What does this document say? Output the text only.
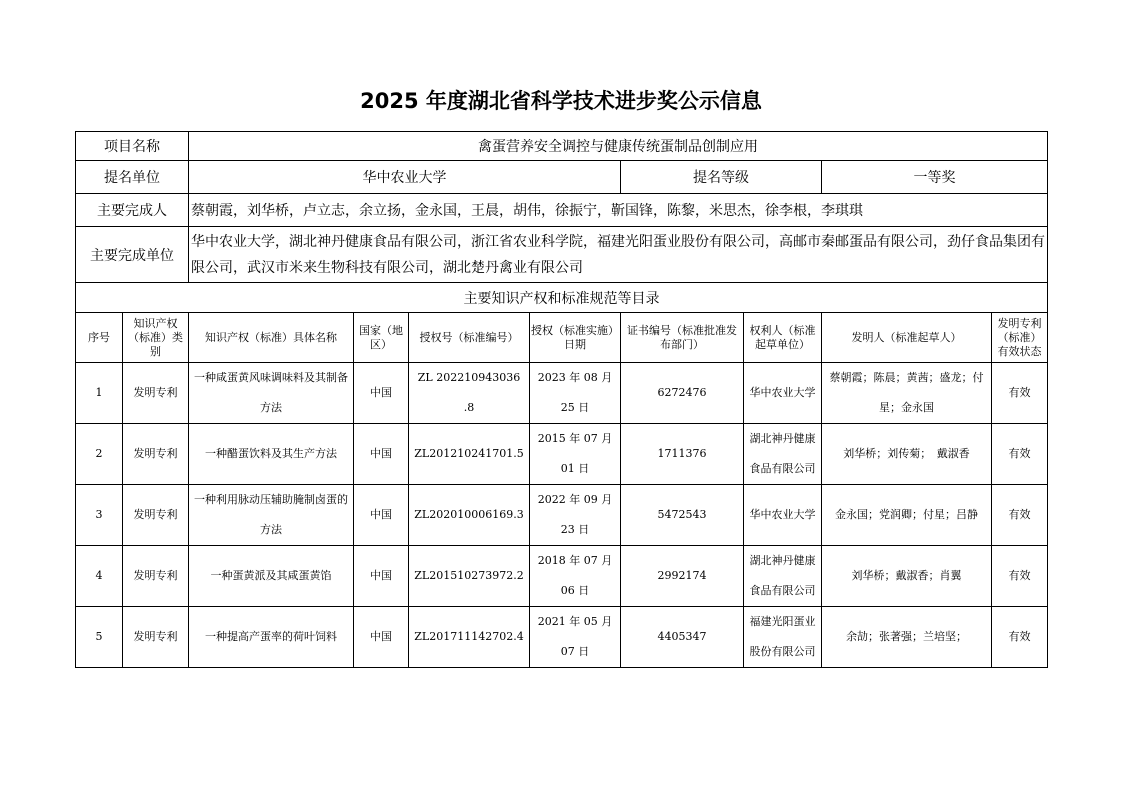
2025 年度湖北省科学技术进步奖公示信息
项目名称		禽蛋营养安全调控与健康传统蛋制品创制应用							
提名单位		华中农业大学				提名等级		一等奖	
主要完成人		蔡朝霞，刘华桥，卢立志，余立扬，金永国，王晨，胡伟，徐振宁，靳国锋，陈黎，米思杰，徐李根，李琪琪							
主要完成单位		华中农业大学，湖北神丹健康食品有限公司，浙江省农业科学院，福建光阳蛋业股份有限公司，高邮市秦邮蛋品有限公司，劲仔食品集团有限公司，武汉市米来生物科技有限公司，湖北楚丹禽业有限公司							
主要知识产权和标准规范等目录									
序号	知识产权（标准）类别	知识产权（标准）具体名称	国家（地区）	授权号（标准编号）	授权（标准实施）日期	证书编号（标准批准发布部门）	权利人（标准起草单位）	发明人（标准起草人）	发明专利（标准）有效状态
1	发明专利	一种咸蛋黄风味调味料及其制备方法	中国	ZL 202210943036 .8	2023 年 08 月 25 日	6272476	华中农业大学	蔡朝霞；陈晨；黄茜；盛龙；付星；金永国	有效
2	发明专利	一种醋蛋饮料及其生产方法	中国	ZL201210241701.5	2015 年 07 月 01 日	1711376	湖北神丹健康食品有限公司	刘华桥；刘传菊；　戴淑香	有效
3	发明专利	一种利用脉动压辅助腌制卤蛋的方法	中国	ZL202010006169.3	2022 年 09 月 23 日	5472543	华中农业大学	金永国；党润卿；付星；吕静	有效
4	发明专利	一种蛋黄派及其咸蛋黄馅	中国	ZL201510273972.2	2018 年 07 月 06 日	2992174	湖北神丹健康食品有限公司	刘华桥；戴淑香；肖翼	有效
5	发明专利	一种提高产蛋率的荷叶饲料	中国	ZL201711142702.4	2021 年 05 月 07 日	4405347	福建光阳蛋业股份有限公司	余劼；张著强；兰培坚；	有效
